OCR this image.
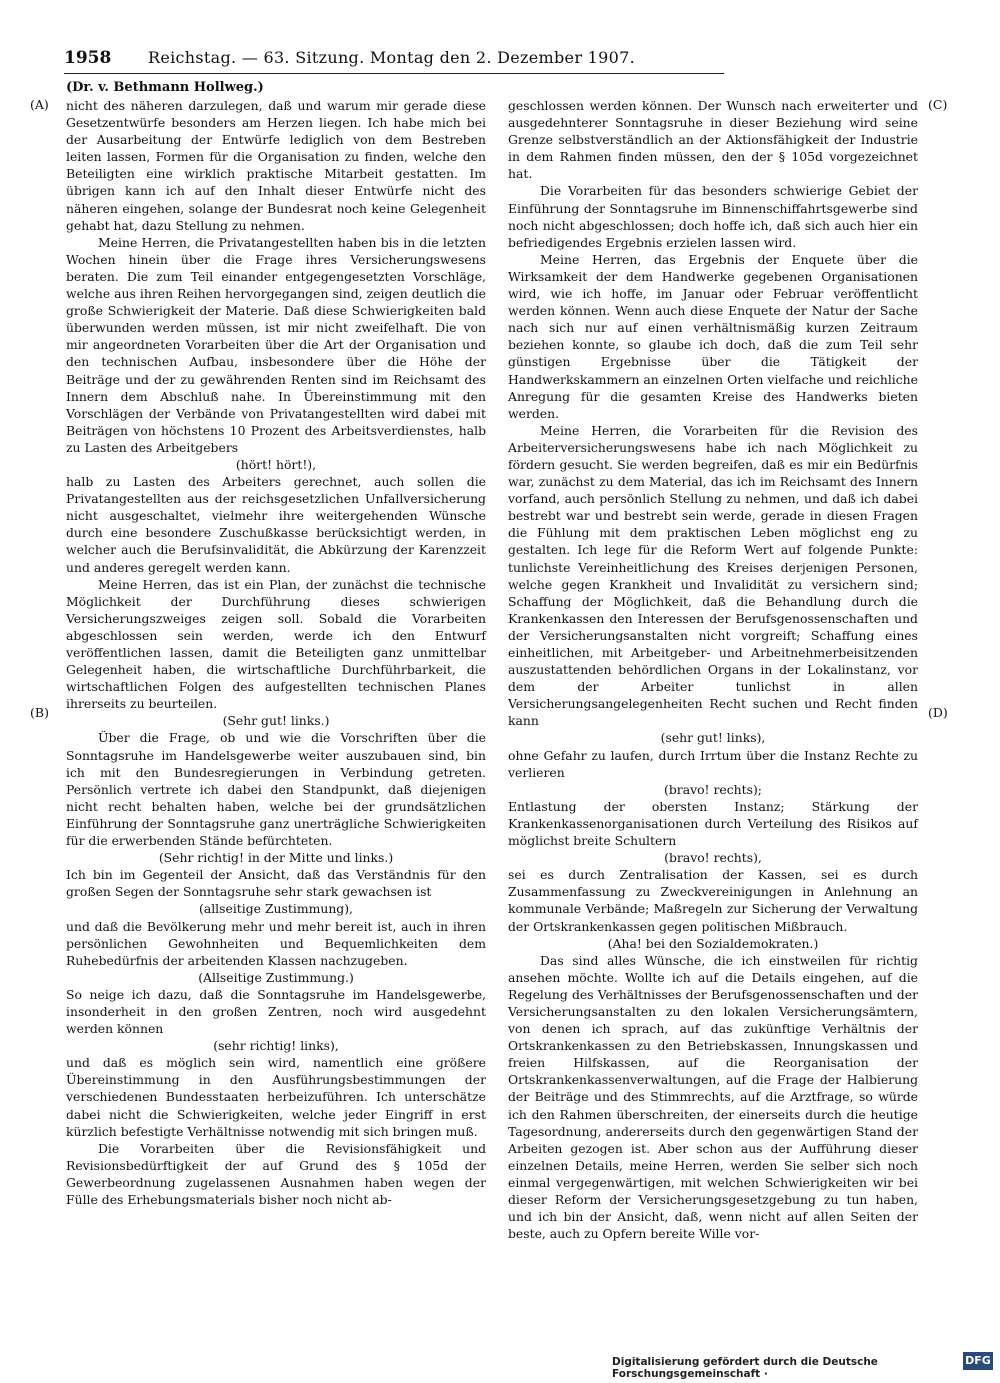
1958 Reichstag. — 63. Sitzung. Montag den 2. Dezember 1907.
(Dr. v. Bethmann Hollweg.)
(A)
(B)
(C)
(D)

nicht des näheren darzulegen, daß und warum mir gerade diese Gesetzentwürfe besonders am Herzen liegen. Ich habe mich bei der Ausarbeitung der Entwürfe lediglich von dem Bestreben leiten lassen, Formen für die Organisation zu finden, welche den Beteiligten eine wirklich praktische Mitarbeit gestatten. Im übrigen kann ich auf den Inhalt dieser Entwürfe nicht des näheren eingehen, solange der Bundesrat noch keine Gelegenheit gehabt hat, dazu Stellung zu nehmen.

Meine Herren, die Privatangestellten haben bis in die letzten Wochen hinein über die Frage ihres Versicherungswesens beraten. Die zum Teil einander entgegengesetzten Vorschläge, welche aus ihren Reihen hervorgegangen sind, zeigen deutlich die große Schwierigkeit der Materie. Daß diese Schwierigkeiten bald überwunden werden müssen, ist mir nicht zweifelhaft. Die von mir angeordneten Vorarbeiten über die Art der Organisation und den technischen Aufbau, insbesondere über die Höhe der Beiträge und der zu gewährenden Renten sind im Reichsamt des Innern dem Abschluß nahe. In Übereinstimmung mit den Vorschlägen der Verbände von Privatangestellten wird dabei mit Beiträgen von höchstens 10 Prozent des Arbeitsverdienstes, halb zu Lasten des Arbeitgebers

(hört! hört!),

halb zu Lasten des Arbeiters gerechnet, auch sollen die Privatangestellten aus der reichsgesetzlichen Unfallversicherung nicht ausgeschaltet, vielmehr ihre weitergehenden Wünsche durch eine besondere Zuschußkasse berücksichtigt werden, in welcher auch die Berufsinvalidität, die Abkürzung der Karenzzeit und anderes geregelt werden kann.

Meine Herren, das ist ein Plan, der zunächst die technische Möglichkeit der Durchführung dieses schwierigen Versicherungszweiges zeigen soll. Sobald die Vorarbeiten abgeschlossen sein werden, werde ich den Entwurf veröffentlichen lassen, damit die Beteiligten ganz unmittelbar Gelegenheit haben, die wirtschaftliche Durchführbarkeit, die wirtschaftlichen Folgen des aufgestellten technischen Planes ihrerseits zu beurteilen.

(Sehr gut! links.)

Über die Frage, ob und wie die Vorschriften über die Sonntagsruhe im Handelsgewerbe weiter auszubauen sind, bin ich mit den Bundesregierungen in Verbindung getreten. Persönlich vertrete ich dabei den Standpunkt, daß diejenigen nicht recht behalten haben, welche bei der grundsätzlichen Einführung der Sonntagsruhe ganz unerträgliche Schwierigkeiten für die erwerbenden Stände befürchteten.

(Sehr richtig! in der Mitte und links.)

Ich bin im Gegenteil der Ansicht, daß das Verständnis für den großen Segen der Sonntagsruhe sehr stark gewachsen ist

(allseitige Zustimmung),

und daß die Bevölkerung mehr und mehr bereit ist, auch in ihren persönlichen Gewohnheiten und Bequemlichkeiten dem Ruhebedürfnis der arbeitenden Klassen nachzugeben.

(Allseitige Zustimmung.)

So neige ich dazu, daß die Sonntagsruhe im Handelsgewerbe, insonderheit in den großen Zentren, noch wird ausgedehnt werden können

(sehr richtig! links),

und daß es möglich sein wird, namentlich eine größere Übereinstimmung in den Ausführungsbestimmungen der verschiedenen Bundesstaaten herbeizuführen. Ich unterschätze dabei nicht die Schwierigkeiten, welche jeder Eingriff in erst kürzlich befestigte Verhältnisse notwendig mit sich bringen muß.

Die Vorarbeiten über die Revisionsfähigkeit und Revisionsbedürftigkeit der auf Grund des § 105d der Gewerbeordnung zugelassenen Ausnahmen haben wegen der Fülle des Erhebungsmaterials bisher noch nicht ab-

geschlossen werden können. Der Wunsch nach erweiterter und ausgedehnterer Sonntagsruhe in dieser Beziehung wird seine Grenze selbstverständlich an der Aktionsfähigkeit der Industrie in dem Rahmen finden müssen, den der § 105d vorgezeichnet hat.

Die Vorarbeiten für das besonders schwierige Gebiet der Einführung der Sonntagsruhe im Binnenschiffahrtsgewerbe sind noch nicht abgeschlossen; doch hoffe ich, daß sich auch hier ein befriedigendes Ergebnis erzielen lassen wird.

Meine Herren, das Ergebnis der Enquete über die Wirksamkeit der dem Handwerke gegebenen Organisationen wird, wie ich hoffe, im Januar oder Februar veröffentlicht werden können. Wenn auch diese Enquete der Natur der Sache nach sich nur auf einen verhältnismäßig kurzen Zeitraum beziehen konnte, so glaube ich doch, daß die zum Teil sehr günstigen Ergebnisse über die Tätigkeit der Handwerkskammern an einzelnen Orten vielfache und reichliche Anregung für die gesamten Kreise des Handwerks bieten werden.

Meine Herren, die Vorarbeiten für die Revision des Arbeiterversicherungswesens habe ich nach Möglichkeit zu fördern gesucht. Sie werden begreifen, daß es mir ein Bedürfnis war, zunächst zu dem Material, das ich im Reichsamt des Innern vorfand, auch persönlich Stellung zu nehmen, und daß ich dabei bestrebt war und bestrebt sein werde, gerade in diesen Fragen die Fühlung mit dem praktischen Leben möglichst eng zu gestalten. Ich lege für die Reform Wert auf folgende Punkte: tunlichste Vereinheitlichung des Kreises derjenigen Personen, welche gegen Krankheit und Invalidität zu versichern sind; Schaffung der Möglichkeit, daß die Behandlung durch die Krankenkassen den Interessen der Berufsgenossenschaften und der Versicherungsanstalten nicht vorgreift; Schaffung eines einheitlichen, mit Arbeitgeber- und Arbeitnehmerbeisitzenden auszustattenden behördlichen Organs in der Lokalinstanz, vor dem der Arbeiter tunlichst in allen Versicherungsangelegenheiten Recht suchen und Recht finden kann

(sehr gut! links),

ohne Gefahr zu laufen, durch Irrtum über die Instanz Rechte zu verlieren

(bravo! rechts);

Entlastung der obersten Instanz; Stärkung der Krankenkassenorganisationen durch Verteilung des Risikos auf möglichst breite Schultern

(bravo! rechts),

sei es durch Zentralisation der Kassen, sei es durch Zusammenfassung zu Zweckvereinigungen in Anlehnung an kommunale Verbände; Maßregeln zur Sicherung der Verwaltung der Ortskrankenkassen gegen politischen Mißbrauch.

(Aha! bei den Sozialdemokraten.)

Das sind alles Wünsche, die ich einstweilen für richtig ansehen möchte. Wollte ich auf die Details eingehen, auf die Regelung des Verhältnisses der Berufsgenossenschaften und der Versicherungsanstalten zu den lokalen Versicherungsämtern, von denen ich sprach, auf das zukünftige Verhältnis der Ortskrankenkassen zu den Betriebskassen, Innungskassen und freien Hilfskassen, auf die Reorganisation der Ortskrankenkassenverwaltungen, auf die Frage der Halbierung der Beiträge und des Stimmrechts, auf die Arztfrage, so würde ich den Rahmen überschreiten, der einerseits durch die heutige Tagesordnung, andererseits durch den gegenwärtigen Stand der Arbeiten gezogen ist. Aber schon aus der Aufführung dieser einzelnen Details, meine Herren, werden Sie selber sich noch einmal vergegenwärtigen, mit welchen Schwierigkeiten wir bei dieser Reform der Versicherungsgesetzgebung zu tun haben, und ich bin der Ansicht, daß, wenn nicht auf allen Seiten der beste, auch zu Opfern bereite Wille vor-

Digitalisierung gefördert durch die Deutsche Forschungsgemeinschaft ·
DFG
